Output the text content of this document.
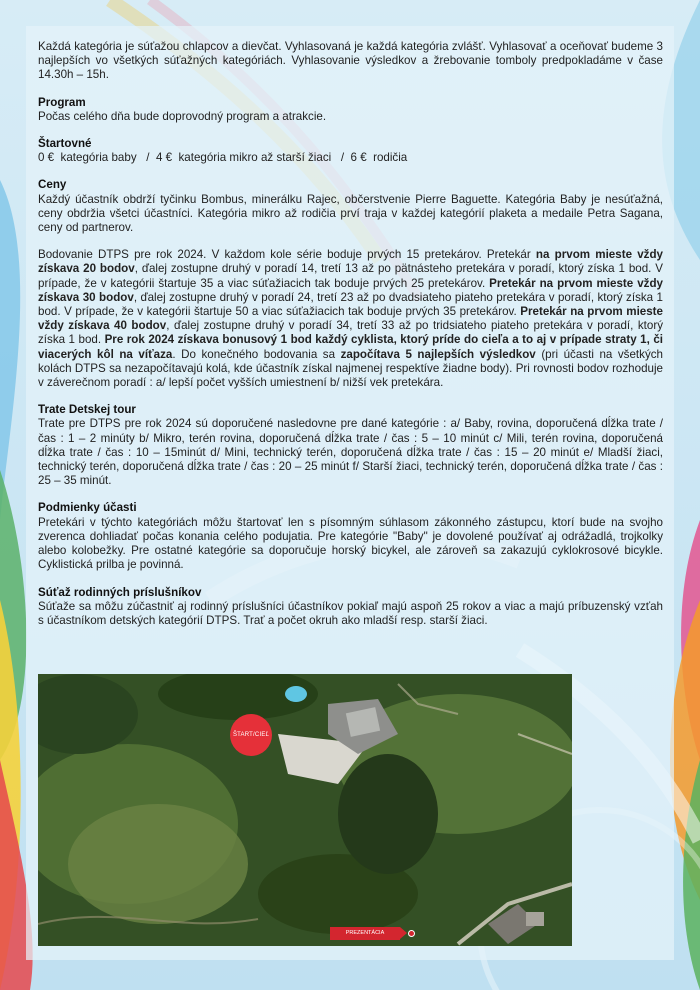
Každá kategória je súťažou chlapcov a dievčat. Vyhlasovaná je každá kategória zvlášť. Vyhlasovať a oceňovať budeme 3 najlepších vo všetkých súťažných kategóriách. Vyhlasovanie výsledkov a žrebovanie tomboly predpokladáme v čase 14.30h – 15h.

Program

Počas celého dňa bude doprovodný program a atrakcie.

Štartovné

0 €  kategória baby   /  4 €  kategória mikro až starší žiaci   /  6 €  rodičia

Ceny

Každý účastník obdrží tyčinku Bombus, minerálku Rajec, občerstvenie Pierre Baguette. Kategória Baby je nesúťažná, ceny obdržia všetci účastníci. Kategória mikro až rodičia prví traja v každej kategórií plaketa a medaile Petra Sagana, ceny od partnerov.

Bodovanie DTPS pre rok 2024. V každom kole série boduje prvých 15 pretekárov. Pretekár na prvom mieste vždy získava 20 bodov, ďalej zostupne druhý v poradí 14, tretí 13 až po pätnásteho pretekára v poradí, ktorý získa 1 bod. V prípade, že v kategórii štartuje 35 a viac súťažiacich tak boduje prvých 25 pretekárov. Pretekár na prvom mieste vždy získava 30 bodov, ďalej zostupne druhý v poradí 24, tretí 23 až po dvadsiateho piateho pretekára v poradí, ktorý získa 1 bod. V prípade, že v kategórii štartuje 50 a viac súťažiacich tak boduje prvých 35 pretekárov. Pretekár na prvom mieste vždy získava 40 bodov, ďalej zostupne druhý v poradí 34, tretí 33 až po tridsiateho piateho pretekára v poradí, ktorý získa 1 bod. Pre rok 2024 získava bonusový 1 bod každý cyklista, ktorý príde do cieľa a to aj v prípade straty 1, či viacerých kôl na víťaza. Do konečného bodovania sa započítava 5 najlepších výsledkov (pri účasti na všetkých kolách DTPS sa nezapočítavajú kolá, kde účastník získal najmenej respektíve žiadne body). Pri rovnosti bodov rozhoduje v záverečnom poradí : a/ lepší počet vyšších umiestnení b/ nižší vek pretekára.

Trate Detskej tour

Trate pre DTPS pre rok 2024 sú doporučené nasledovne pre dané kategórie : a/ Baby, rovina, doporučená dĺžka trate / čas : 1 – 2 minúty b/ Mikro, terén rovina, doporučená dĺžka trate / čas : 5 – 10 minút c/ Mili, terén rovina, doporučená dĺžka trate / čas : 10 – 15minút d/ Mini, technický terén, doporučená dĺžka trate / čas : 15 – 20 minút e/ Mladší žiaci, technický terén, doporučená dĺžka trate / čas : 20 – 25 minút f/ Starší žiaci, technický terén, doporučená dĺžka trate / čas : 25 – 35 minút.

Podmienky účasti

Pretekári v týchto kategóriách môžu štartovať len s písomným súhlasom zákonného zástupcu, ktorí bude na svojho zverenca dohliadať počas konania celého podujatia. Pre kategórie "Baby" je dovolené používať aj odrážadlá, trojkolky alebo kolobežky. Pre ostatné kategórie sa doporučuje horský bicykel, ale zároveň sa zakazujú cyklokrosové bicykle. Cyklistická prilba je povinná.

Súťaž rodinných príslušníkov

Súťaže sa môžu zúčastniť aj rodinný príslušníci účastníkov pokiaľ majú aspoň 25 rokov a viac a majú príbuzenský vzťah s účastníkom detských kategórií DTPS. Trať a počet okruh ako mladší resp. starší žiaci.

ŠTART/CIEĽ
PREZENTÁCIA
